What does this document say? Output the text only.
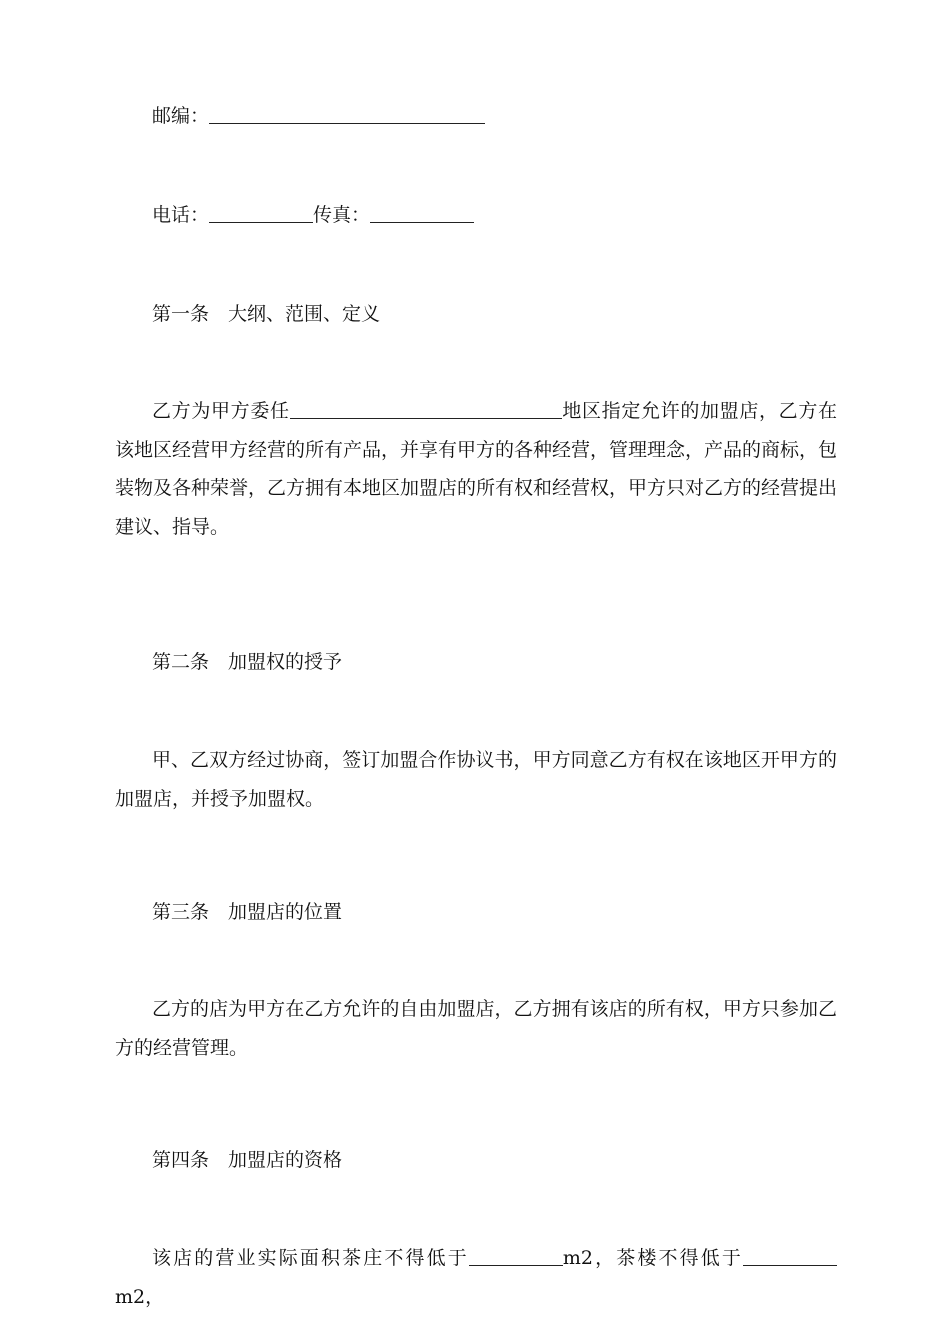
邮编：
电话：	传真：
第一条　大纲、范围、定义
乙方为甲方委任	地区指定允许的加盟店，乙方在该地区经营甲方经营的所有产品，并享有甲方的各种经营，管理理念，产品的商标，包装物及各种荣誉，乙方拥有本地区加盟店的所有权和经营权，甲方只对乙方的经营提出建议、指导。
第二条　加盟权的授予
甲、乙双方经过协商，签订加盟合作协议书，甲方同意乙方有权在该地区开甲方的加盟店，并授予加盟权。
第三条　加盟店的位置
乙方的店为甲方在乙方允许的自由加盟店，乙方拥有该店的所有权，甲方只参加乙方的经营管理。
第四条　加盟店的资格
该店的营业实际面积茶庄不得低于	m2，茶楼不得低于m2，
